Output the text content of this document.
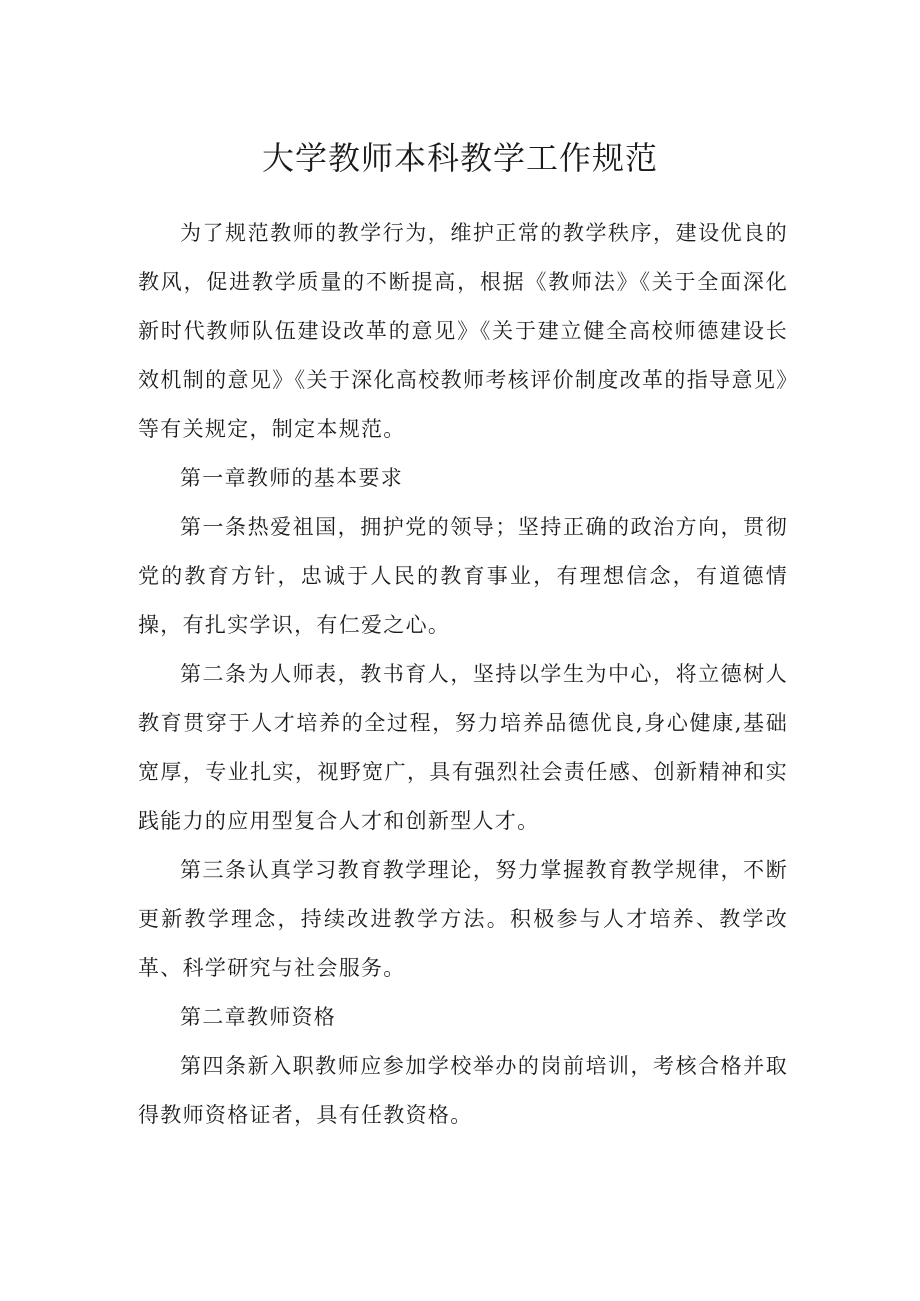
大学教师本科教学工作规范

为了规范教师的教学行为，维护正常的教学秩序，建设优良的教风，促进教学质量的不断提高，根据《教师法》《关于全面深化新时代教师队伍建设改革的意见》《关于建立健全高校师德建设长效机制的意见》《关于深化高校教师考核评价制度改革的指导意见》等有关规定，制定本规范。

第一章教师的基本要求

第一条热爱祖国，拥护党的领导；坚持正确的政治方向，贯彻党的教育方针，忠诚于人民的教育事业，有理想信念，有道德情操，有扎实学识，有仁爱之心。

第二条为人师表，教书育人，坚持以学生为中心，将立德树人教育贯穿于人才培养的全过程，努力培养品德优良,身心健康,基础宽厚，专业扎实，视野宽广，具有强烈社会责任感、创新精神和实践能力的应用型复合人才和创新型人才。

第三条认真学习教育教学理论，努力掌握教育教学规律，不断更新教学理念，持续改进教学方法。积极参与人才培养、教学改革、科学研究与社会服务。

第二章教师资格

第四条新入职教师应参加学校举办的岗前培训，考核合格并取得教师资格证者，具有任教资格。
